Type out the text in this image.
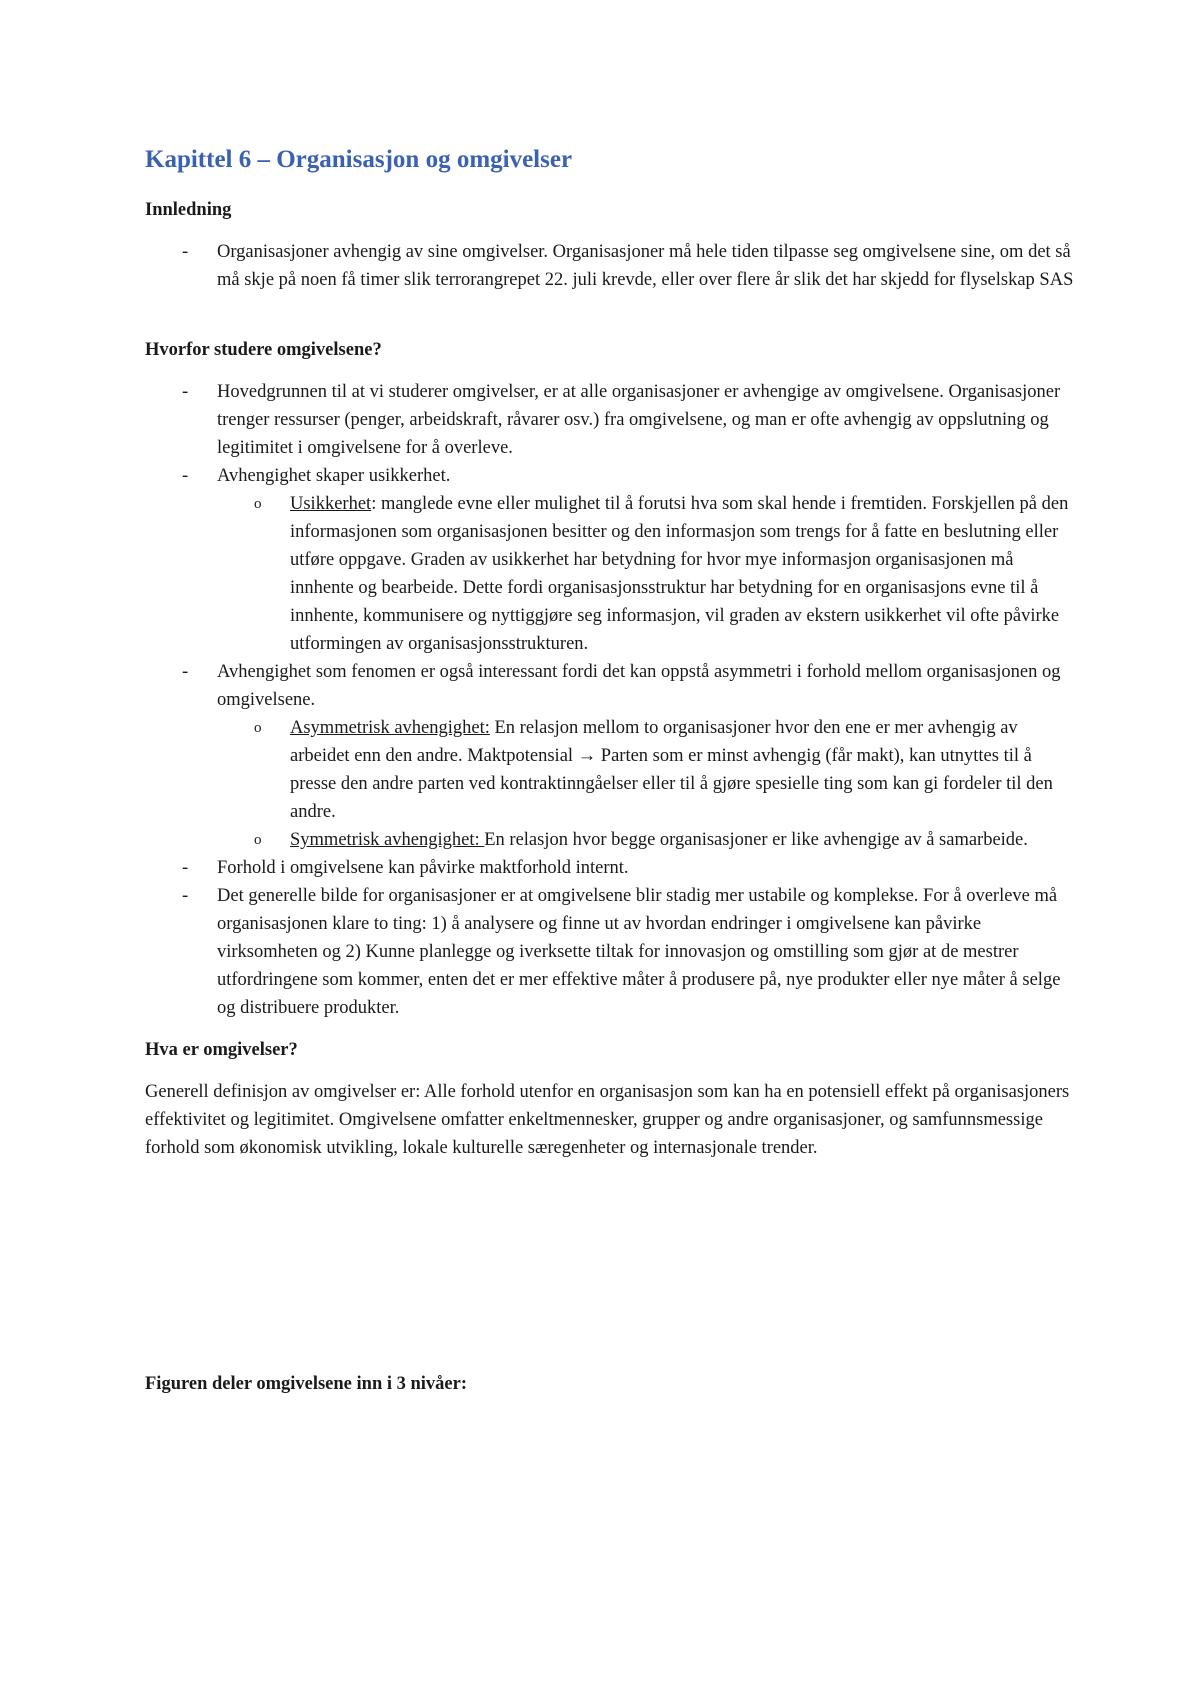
Kapittel 6 – Organisasjon og omgivelser
Innledning
- Organisasjoner avhengig av sine omgivelser. Organisasjoner må hele tiden tilpasse seg omgivelsene sine, om det så må skje på noen få timer slik terrorangrepet 22. juli krevde, eller over flere år slik det har skjedd for flyselskap SAS
Hvorfor studere omgivelsene?
- Hovedgrunnen til at vi studerer omgivelser, er at alle organisasjoner er avhengige av omgivelsene. Organisasjoner trenger ressurser (penger, arbeidskraft, råvarer osv.) fra omgivelsene, og man er ofte avhengig av oppslutning og legitimitet i omgivelsene for å overleve.
- Avhengighet skaper usikkerhet.
o Usikkerhet: manglede evne eller mulighet til å forutsi hva som skal hende i fremtiden. Forskjellen på den informasjonen som organisasjonen besitter og den informasjon som trengs for å fatte en beslutning eller utføre oppgave. Graden av usikkerhet har betydning for hvor mye informasjon organisasjonen må innhente og bearbeide. Dette fordi organisasjonsstruktur har betydning for en organisasjons evne til å innhente, kommunisere og nyttiggjøre seg informasjon, vil graden av ekstern usikkerhet vil ofte påvirke utformingen av organisasjonsstrukturen.
- Avhengighet som fenomen er også interessant fordi det kan oppstå asymmetri i forhold mellom organisasjonen og omgivelsene.
o Asymmetrisk avhengighet: En relasjon mellom to organisasjoner hvor den ene er mer avhengig av arbeidet enn den andre. Maktpotensial → Parten som er minst avhengig (får makt), kan utnyttes til å presse den andre parten ved kontraktinngåelser eller til å gjøre spesielle ting som kan gi fordeler til den andre.
o Symmetrisk avhengighet: En relasjon hvor begge organisasjoner er like avhengige av å samarbeide.
- Forhold i omgivelsene kan påvirke maktforhold internt.
- Det generelle bilde for organisasjoner er at omgivelsene blir stadig mer ustabile og komplekse. For å overleve må organisasjonen klare to ting: 1) å analysere og finne ut av hvordan endringer i omgivelsene kan påvirke virksomheten og 2) Kunne planlegge og iverksette tiltak for innovasjon og omstilling som gjør at de mestrer utfordringene som kommer, enten det er mer effektive måter å produsere på, nye produkter eller nye måter å selge og distribuere produkter.
Hva er omgivelser?

Generell definisjon av omgivelser er: Alle forhold utenfor en organisasjon som kan ha en potensiell effekt på organisasjoners effektivitet og legitimitet. Omgivelsene omfatter enkeltmennesker, grupper og andre organisasjoner, og samfunnsmessige forhold som økonomisk utvikling, lokale kulturelle særegenheter og internasjonale trender.

Figuren deler omgivelsene inn i 3 nivåer:
